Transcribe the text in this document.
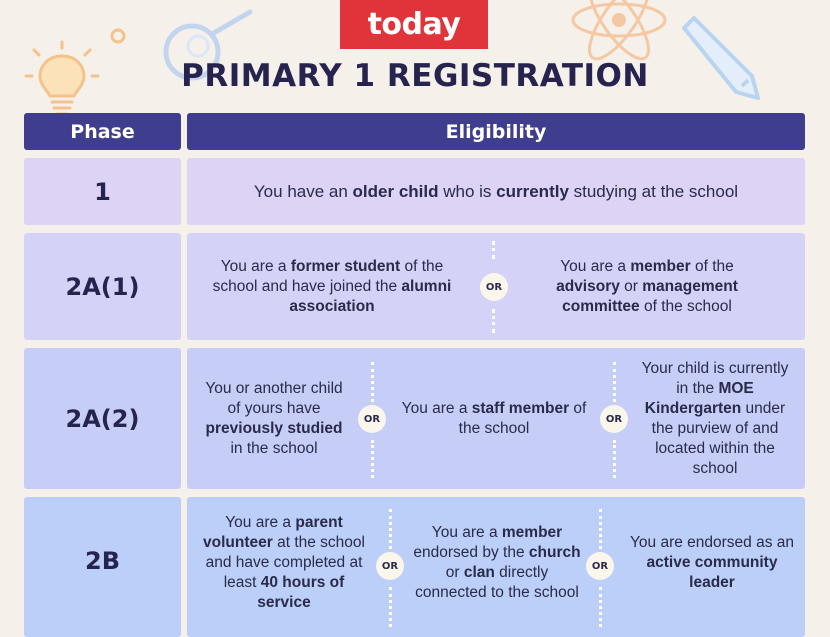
today
PRIMARY 1 REGISTRATION
Phase	Eligibility
1	You have an older child who is currently studying at the school
2A(1)
You are a former student of the school and have joined the alumni association
OR
You are a member of the advisory or management committee of the school
2A(2)
You or another child of yours have previously studied in the school
OR
You are a staff member of the school
OR
Your child is currently in the MOE Kindergarten under the purview of and located within the school
2B
You are a parent volunteer at the school and have completed at least 40 hours of service
OR
You are a member endorsed by the church or clan directly connected to the school
OR
You are endorsed as an active community leader
